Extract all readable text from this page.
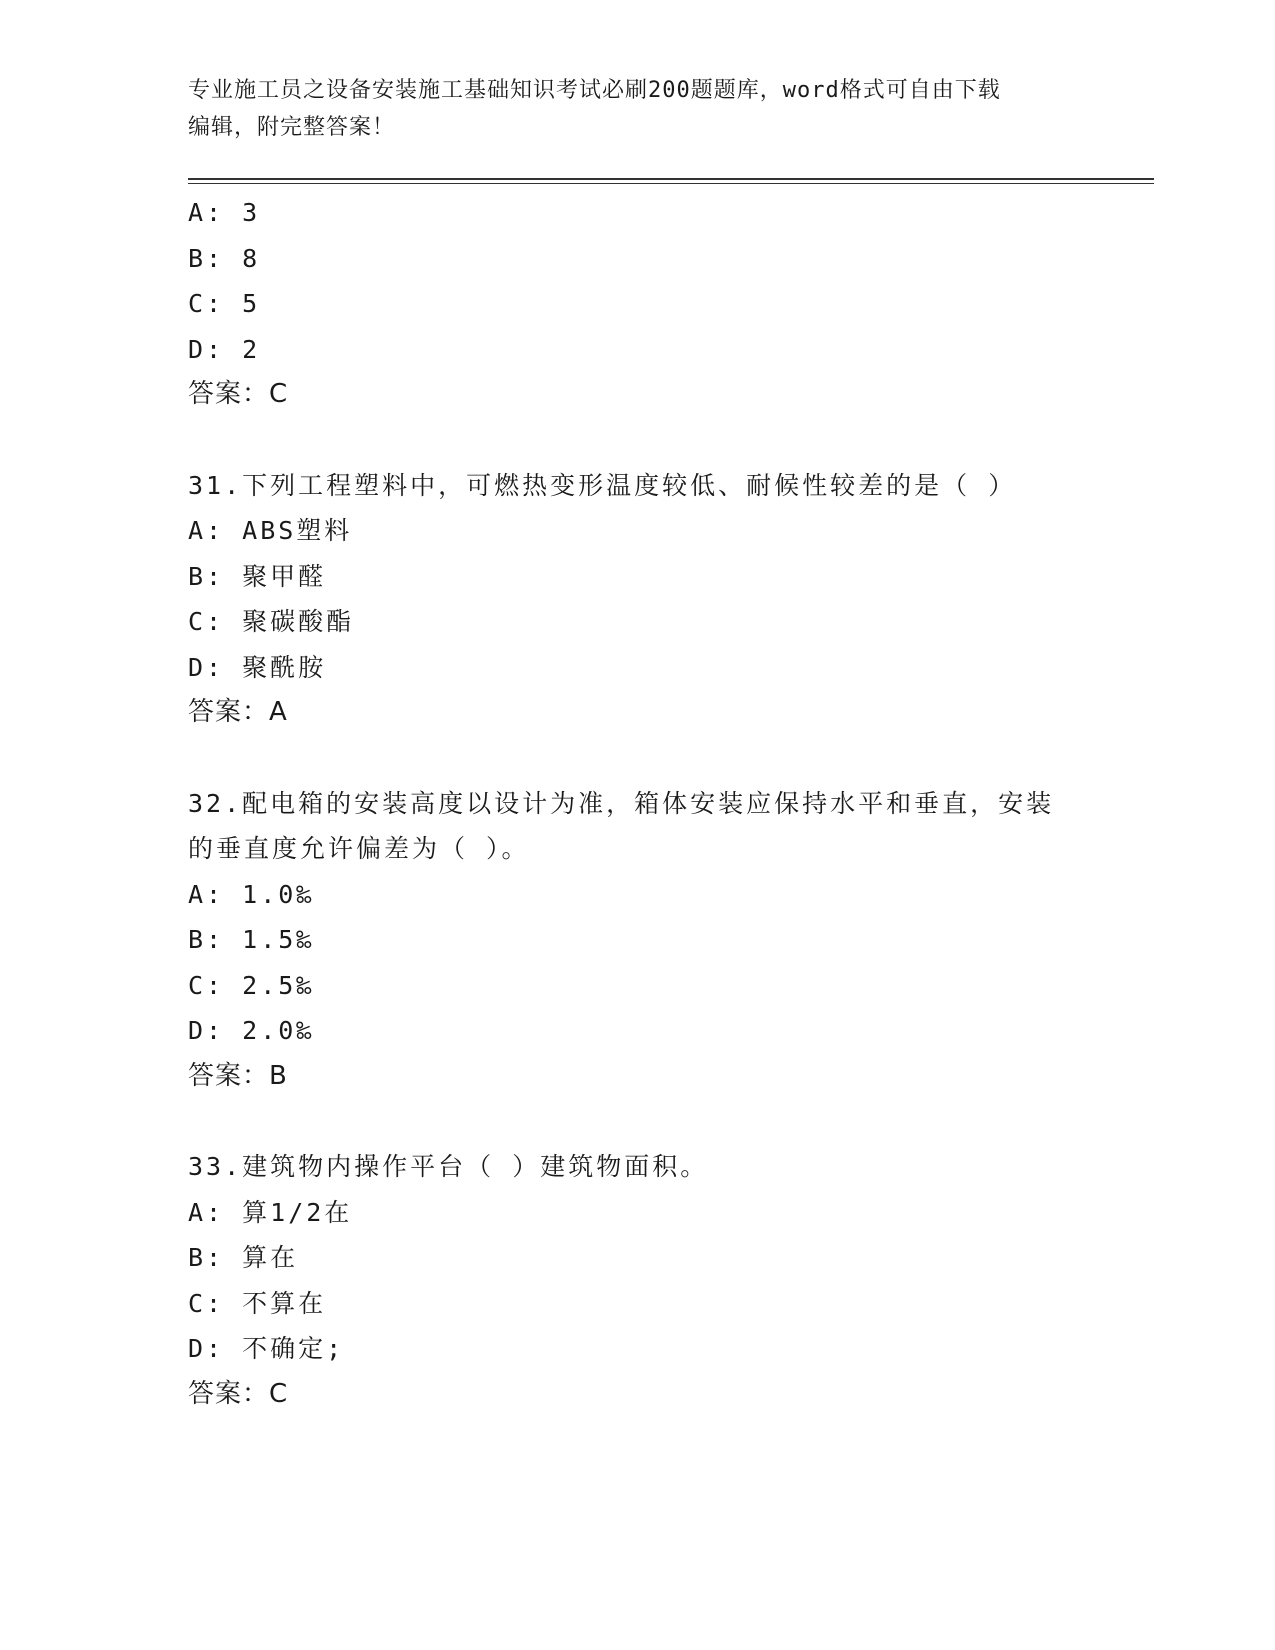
专业施工员之设备安装施工基础知识考试必刷200题题库，word格式可自由下载
编辑，附完整答案！
A: 3
B: 8
C: 5
D: 2
答案：C
31.下列工程塑料中，可燃热变形温度较低、耐候性较差的是（ ）
A: ABS塑料
B: 聚甲醛
C: 聚碳酸酯
D: 聚酰胺
答案：A
32.配电箱的安装高度以设计为准，箱体安装应保持水平和垂直，安装
的垂直度允许偏差为（ ）。
A: 1.0‰
B: 1.5‰
C: 2.5‰
D: 2.0‰
答案：B
33.建筑物内操作平台（ ）建筑物面积。
A: 算1/2在
B: 算在
C: 不算在
D: 不确定;
答案：C
